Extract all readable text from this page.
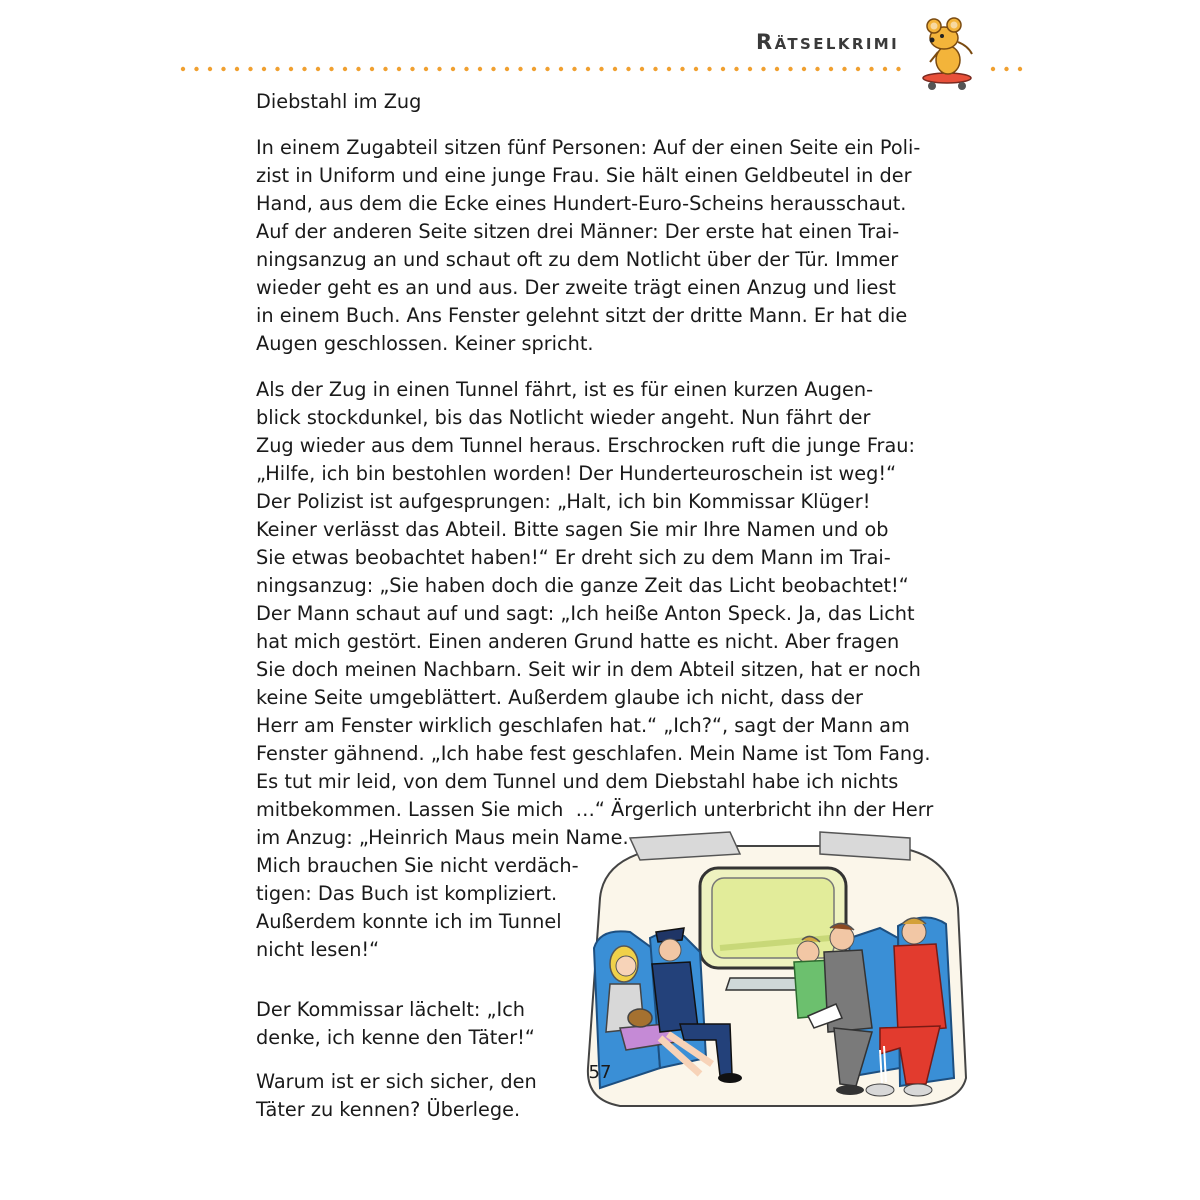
Rätselkrimi
Diebstahl im Zug
In einem Zugabteil sitzen fünf Personen: Auf der einen Seite ein Poli-
zist in Uniform und eine junge Frau. Sie hält einen Geldbeutel in der
Hand, aus dem die Ecke eines Hundert-Euro-Scheins herausschaut.
Auf der anderen Seite sitzen drei Männer: Der erste hat einen Trai-
ningsanzug an und schaut oft zu dem Notlicht über der Tür. Immer
wieder geht es an und aus. Der zweite trägt einen Anzug und liest
in einem Buch. Ans Fenster gelehnt sitzt der dritte Mann. Er hat die
Augen geschlossen. Keiner spricht.
Als der Zug in einen Tunnel fährt, ist es für einen kurzen Augen-
blick stockdunkel, bis das Notlicht wieder angeht. Nun fährt der
Zug wieder aus dem Tunnel heraus. Erschrocken ruft die junge Frau:
„Hilfe, ich bin bestohlen worden! Der Hunderteuroschein ist weg!“
Der Polizist ist aufgesprungen: „Halt, ich bin Kommissar Klüger!
Keiner verlässt das Abteil. Bitte sagen Sie mir Ihre Namen und ob
Sie etwas beobachtet haben!“ Er dreht sich zu dem Mann im Trai-
ningsanzug: „Sie haben doch die ganze Zeit das Licht beobachtet!“
Der Mann schaut auf und sagt: „Ich heiße Anton Speck. Ja, das Licht
hat mich gestört. Einen anderen Grund hatte es nicht. Aber fragen
Sie doch meinen Nachbarn. Seit wir in dem Abteil sitzen, hat er noch
keine Seite umgeblättert. Außerdem glaube ich nicht, dass der
Herr am Fenster wirklich geschlafen hat.“ „Ich?“, sagt der Mann am
Fenster gähnend. „Ich habe fest geschlafen. Mein Name ist Tom Fang.
Es tut mir leid, von dem Tunnel und dem Diebstahl habe ich nichts
mitbekommen. Lassen Sie mich  …“ Ärgerlich unterbricht ihn der Herr
im Anzug: „Heinrich Maus mein Name.
Mich brauchen Sie nicht verdäch-
tigen: Das Buch ist kompliziert.
Außerdem konnte ich im Tunnel
nicht lesen!“
Der Kommissar lächelt: „Ich
denke, ich kenne den Täter!“
Warum ist er sich sicher, den
Täter zu kennen? Überlege.
57
